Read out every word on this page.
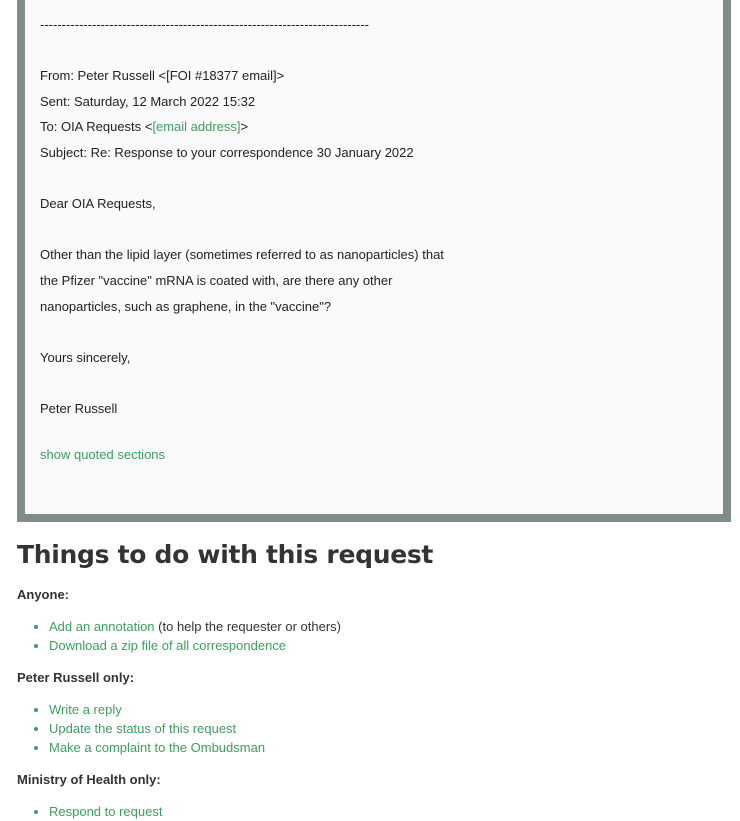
----------------------------------------------------------------------------

From: Peter Russell <[FOI #18377 email]>

Sent: Saturday, 12 March 2022 15:32

To: OIA Requests <[email address]>

Subject: Re: Response to your correspondence 30 January 2022

Dear OIA Requests,

Other than the lipid layer (sometimes referred to as nanoparticles) that

the Pfizer "vaccine" mRNA is coated with, are there any other

nanoparticles, such as graphene, in the "vaccine"?

Yours sincerely,

Peter Russell

show quoted sections
Things to do with this request

Anyone:

• Add an annotation (to help the requester or others)
• Download a zip file of all correspondence

Peter Russell only:

• Write a reply
• Update the status of this request
• Make a complaint to the Ombudsman

Ministry of Health only:

• Respond to request
